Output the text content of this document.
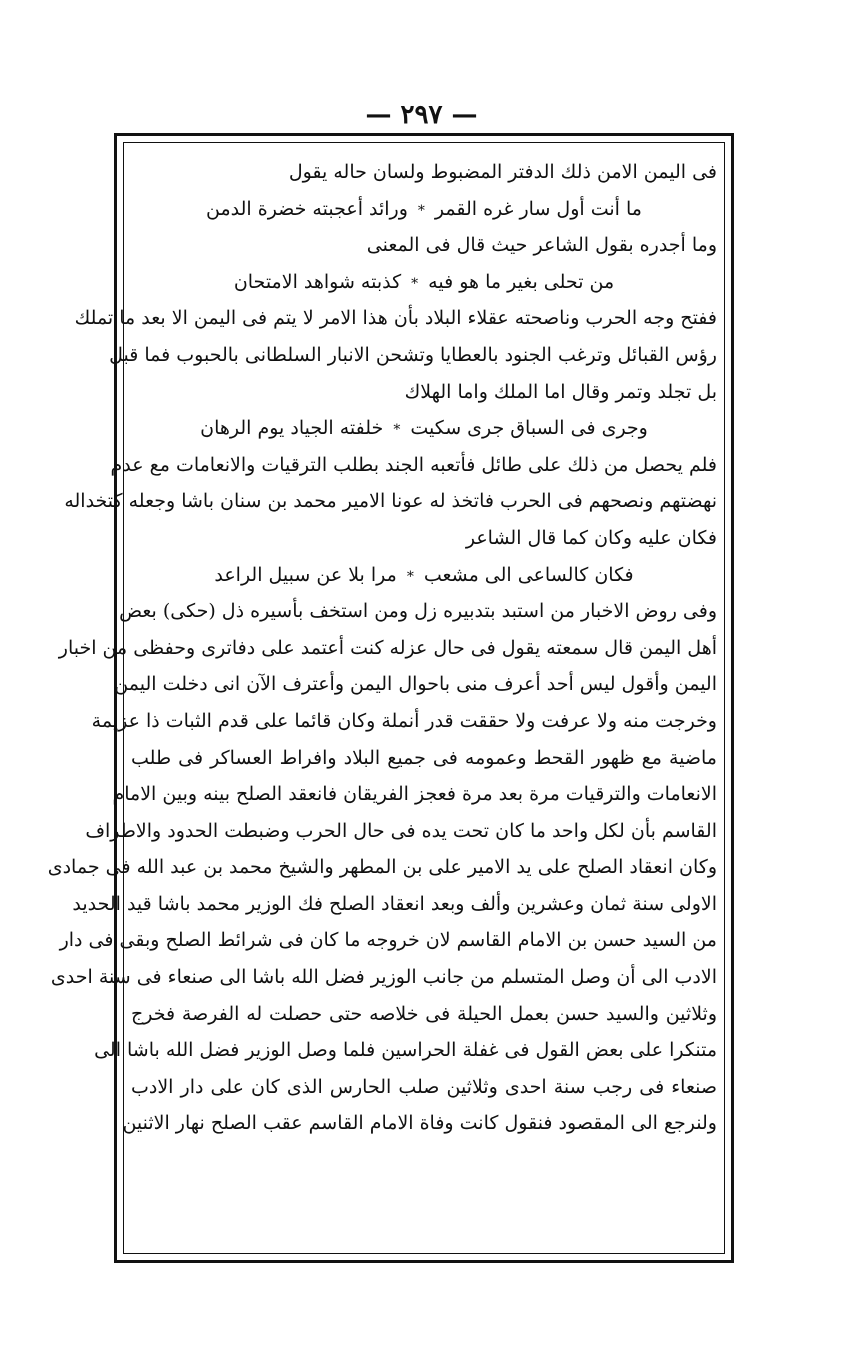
— ٢٩٧ —
فى اليمن الامن ذلك الدفتر المضبوط ولسان حاله يقول
ما أنت أول سار غره القمر*ورائد أعجبته خضرة الدمن
وما أجدره بقول الشاعر حيث قال فى المعنى
من تحلى بغير ما هو فيه*كذبته شواهد الامتحان
ففتح وجه الحرب وناصحته عقلاء البلاد بأن هذا الامر لا يتم فى اليمن الا بعد ما تملك
رؤس القبائل وترغب الجنود بالعطايا وتشحن الانبار السلطانى بالحبوب فما قبل
بل تجلد وتمر وقال اما الملك واما الهلاك
وجرى فى السباق جرى سكيت*خلفته الجياد يوم الرهان
فلم يحصل من ذلك على طائل فأتعبه الجند بطلب الترقيات والانعامات مع عدم
نهضتهم ونصحهم فى الحرب فاتخذ له عونا الامير محمد بن سنان باشا وجعله كتخداله
فكان عليه وكان كما قال الشاعر
فكان كالساعى الى مشعب*مرا بلا عن سبيل الراعد
وفى روض الاخبار من استبد بتدبيره زل ومن استخف بأسيره ذل (حكى) بعض
أهل اليمن قال سمعته يقول فى حال عزله كنت أعتمد على دفاترى وحفظى من اخبار
اليمن وأقول ليس أحد أعرف منى باحوال اليمن وأعترف الآن انى دخلت اليمن
وخرجت منه ولا عرفت ولا حققت قدر أنملة وكان قائما على قدم الثبات ذا عزيمة
ماضية مع ظهور القحط وعمومه فى جميع البلاد وافراط العساكر فى طلب
الانعامات والترقيات مرة بعد مرة فعجز الفريقان فانعقد الصلح بينه وبين الامام
القاسم بأن لكل واحد ما كان تحت يده فى حال الحرب وضبطت الحدود والاطراف
وكان انعقاد الصلح على يد الامير على بن المطهر والشيخ محمد بن عبد الله فى جمادى
الاولى سنة ثمان وعشرين وألف وبعد انعقاد الصلح فك الوزير محمد باشا قيد الحديد
من السيد حسن بن الامام القاسم لان خروجه ما كان فى شرائط الصلح وبقى فى دار
الادب الى أن وصل المتسلم من جانب الوزير فضل الله باشا الى صنعاء فى سنة احدى
وثلاثين والسيد حسن بعمل الحيلة فى خلاصه حتى حصلت له الفرصة فخرج
متنكرا على بعض القول فى غفلة الحراسين فلما وصل الوزير فضل الله باشا الى
صنعاء فى رجب سنة احدى وثلاثين صلب الحارس الذى كان على دار الادب
ولنرجع الى المقصود فنقول كانت وفاة الامام القاسم عقب الصلح نهار الاثنين
